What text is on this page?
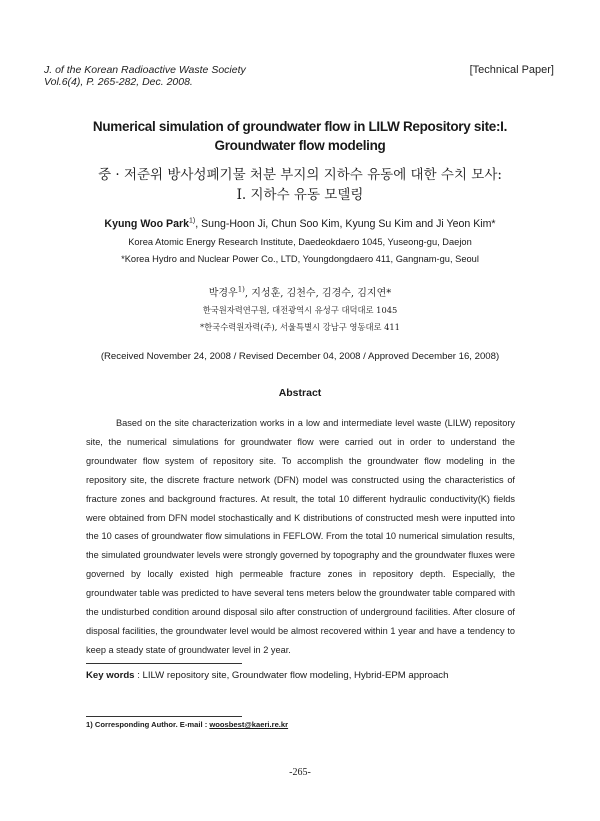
J. of the Korean Radioactive Waste Society
Vol.6(4), P. 265-282, Dec. 2008.
[Technical Paper]
Numerical simulation of groundwater flow in LILW Repository site:I.
Groundwater flow modeling
중 · 저준위 방사성폐기물 처분 부지의 지하수 유동에 대한 수치 모사:
I. 지하수 유동 모델링
Kyung Woo Park$^{1)}$, Sung-Hoon Ji, Chun Soo Kim, Kyung Su Kim and Ji Yeon Kim*
Korea Atomic Energy Research Institute, Daedeokdaero 1045, Yuseong-gu, Daejon
*Korea Hydro and Nuclear Power Co., LTD, Youngdongdaero 411, Gangnam-gu, Seoul
박경우$^{1)}$, 지성훈, 김천수, 김경수, 김지연*
한국원자력연구원, 대전광역시 유성구 대덕대로 1045
*한국수력원자력(주), 서울특별시 강남구 영동대로 411
(Received November 24, 2008 / Revised December 04, 2008 / Approved December 16, 2008)
Abstract
Based on the site characterization works in a low and intermediate level waste (LILW) repository site, the numerical simulations for groundwater flow were carried out in order to understand the groundwater flow system of repository site. To accomplish the groundwater flow modeling in the repository site, the discrete fracture network (DFN) model was constructed using the characteristics of fracture zones and background fractures. At result, the total 10 different hydraulic conductivity(K) fields were obtained from DFN model stochastically and K distributions of constructed mesh were inputted into the 10 cases of groundwater flow simulations in FEFLOW. From the total 10 numerical simulation results, the simulated groundwater levels were strongly governed by topography and the groundwater fluxes were governed by locally existed high permeable fracture zones in repository depth. Especially, the groundwater table was predicted to have several tens meters below the groundwater table compared with the undisturbed condition around disposal silo after construction of underground facilities. After closure of disposal facilities, the groundwater level would be almost recovered within 1 year and have a tendency to keep a steady state of groundwater level in 2 year.
Key words : LILW repository site, Groundwater flow modeling, Hybrid-EPM approach
1) Corresponding Author. E-mail : woosbest@kaeri.re.kr
-265-
